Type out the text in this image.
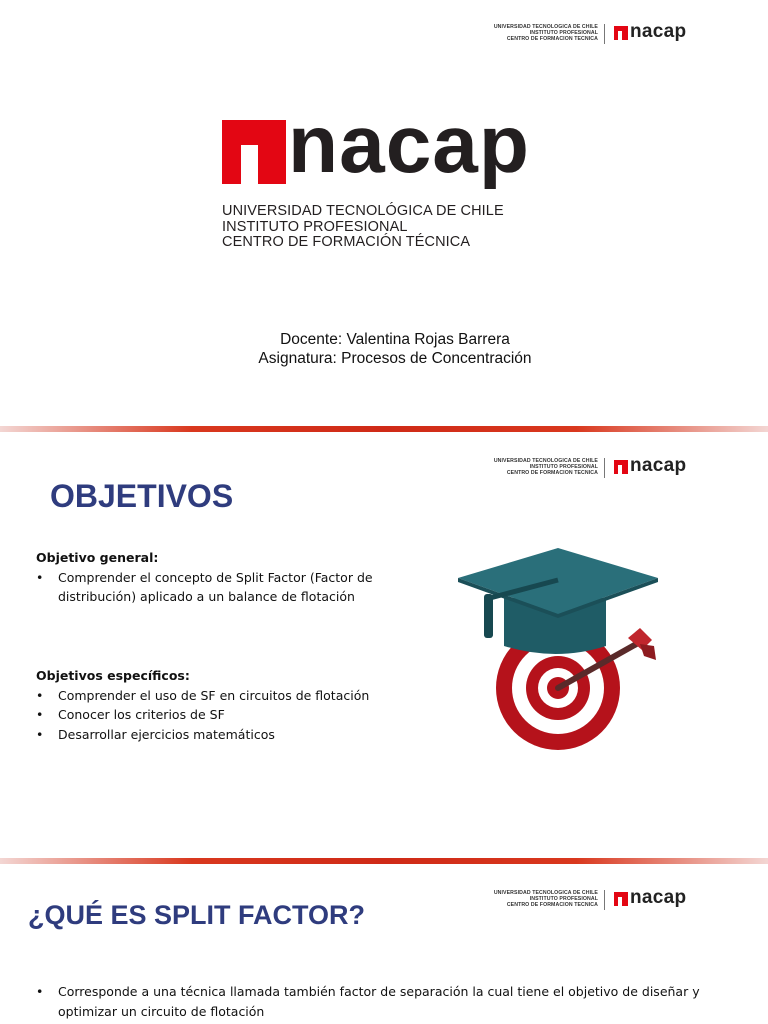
UNIVERSIDAD TECNOLOGICA DE CHILE
INSTITUTO PROFESIONAL
CENTRO DE FORMACION TECNICA nacap
nacap
UNIVERSIDAD TECNOLÓGICA DE CHILE
INSTITUTO PROFESIONAL
CENTRO DE FORMACIÓN TÉCNICA
Docente: Valentina Rojas Barrera
Asignatura: Procesos de Concentración
UNIVERSIDAD TECNOLOGICA DE CHILE
INSTITUTO PROFESIONAL
CENTRO DE FORMACION TECNICA nacap
OBJETIVOS
Objetivo general:
• Comprender el concepto de Split Factor (Factor de distribución) aplicado a un balance de flotación
Objetivos específicos:
• Comprender el uso de SF en circuitos de flotación
• Conocer los criterios de SF
• Desarrollar ejercicios matemáticos
UNIVERSIDAD TECNOLOGICA DE CHILE
INSTITUTO PROFESIONAL
CENTRO DE FORMACION TECNICA nacap
¿QUÉ ES SPLIT FACTOR?
• Corresponde a una técnica llamada también factor de separación la cual tiene el objetivo de diseñar y optimizar un circuito de flotación
